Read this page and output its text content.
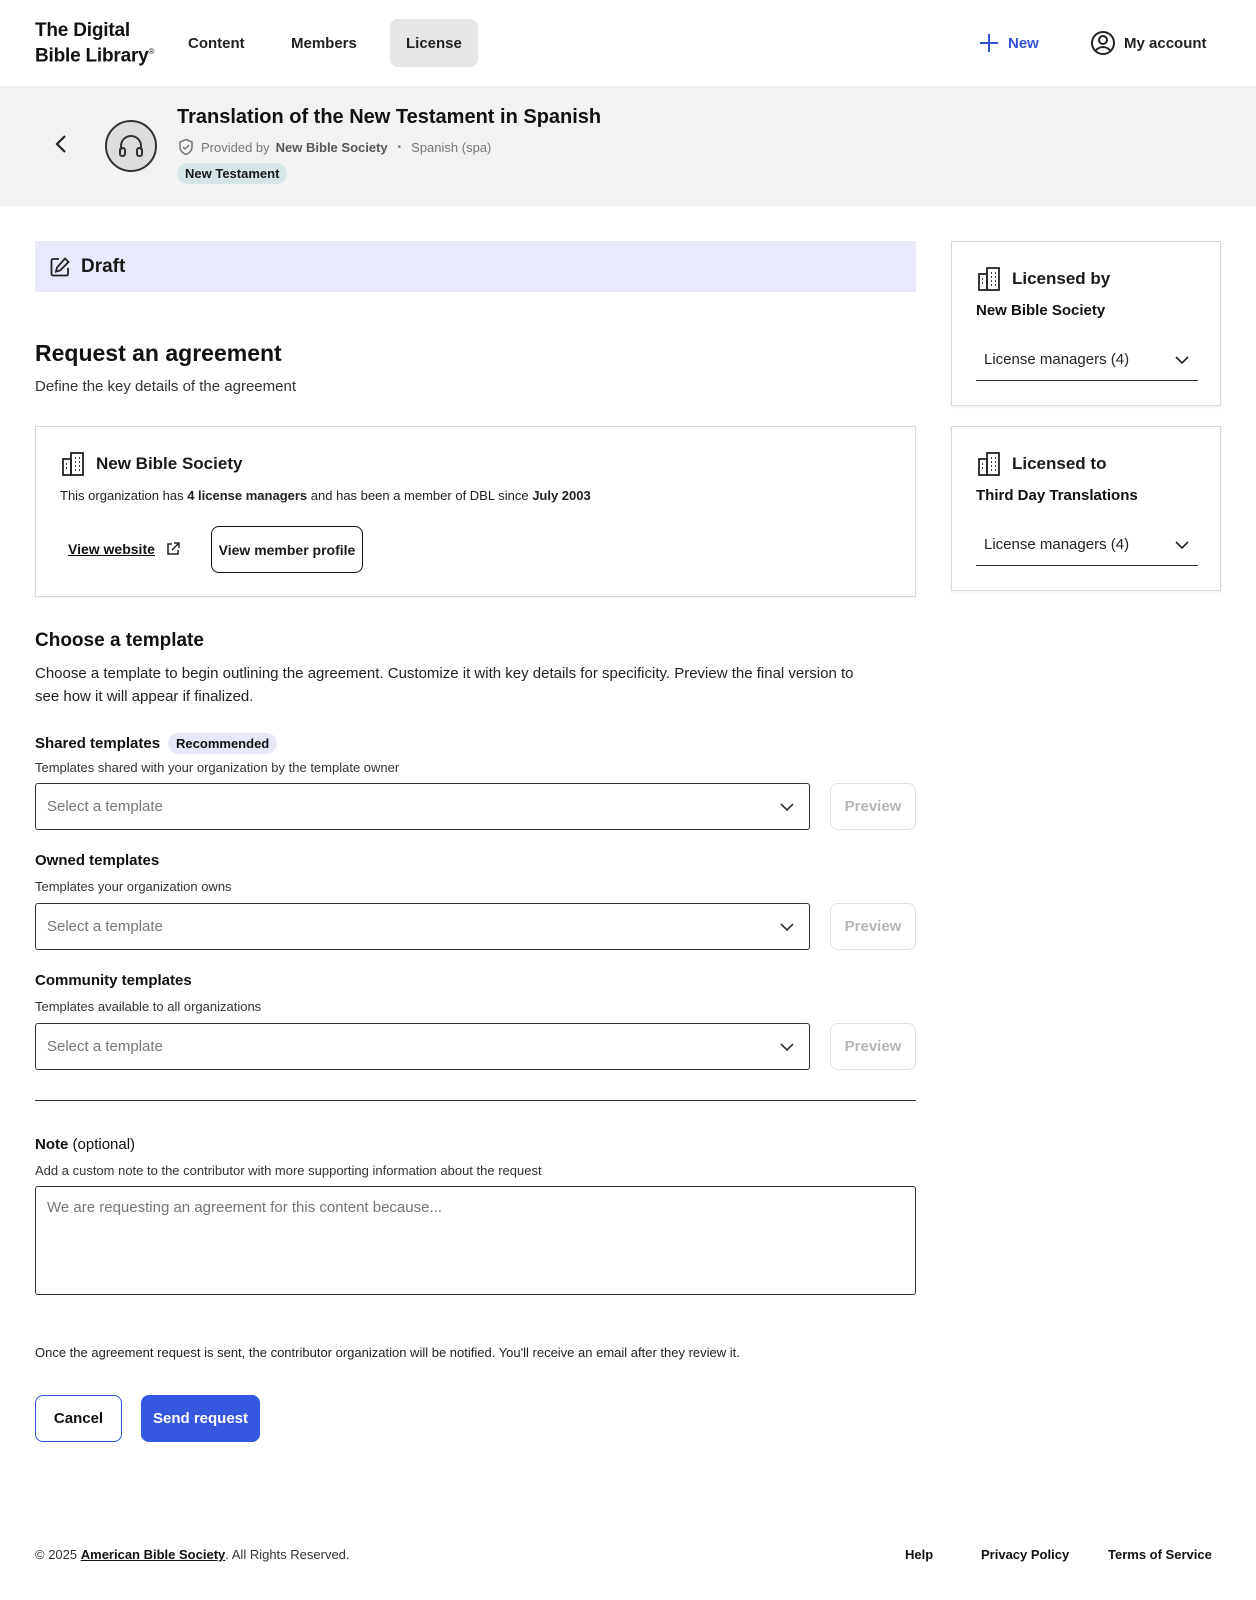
The Digital
Bible Library®	Content	Members	License	New	My account
Translation of the New Testament in Spanish
Provided by New Bible Society • Spanish (spa)
New Testament
Draft
Request an agreement
Define the key details of the agreement
New Bible Society
This organization has 4 license managers and has been a member of DBL since July 2003
View website	View member profile
Choose a template
Choose a template to begin outlining the agreement. Customize it with key details for specificity. Preview the final version to see how it will appear if finalized.
Shared templates	Recommended
Templates shared with your organization by the template owner
Select a template	Preview
Owned templates
Templates your organization owns
Select a template	Preview
Community templates
Templates available to all organizations
Select a template	Preview
Note (optional)
Add a custom note to the contributor with more supporting information about the request
We are requesting an agreement for this content because...
Once the agreement request is sent, the contributor organization will be notified. You'll receive an email after they review it.
Cancel	Send request
Licensed by
New Bible Society
License managers (4)
Licensed to
Third Day Translations
License managers (4)
© 2025 American Bible Society. All Rights Reserved.	Help	Privacy Policy	Terms of Service
